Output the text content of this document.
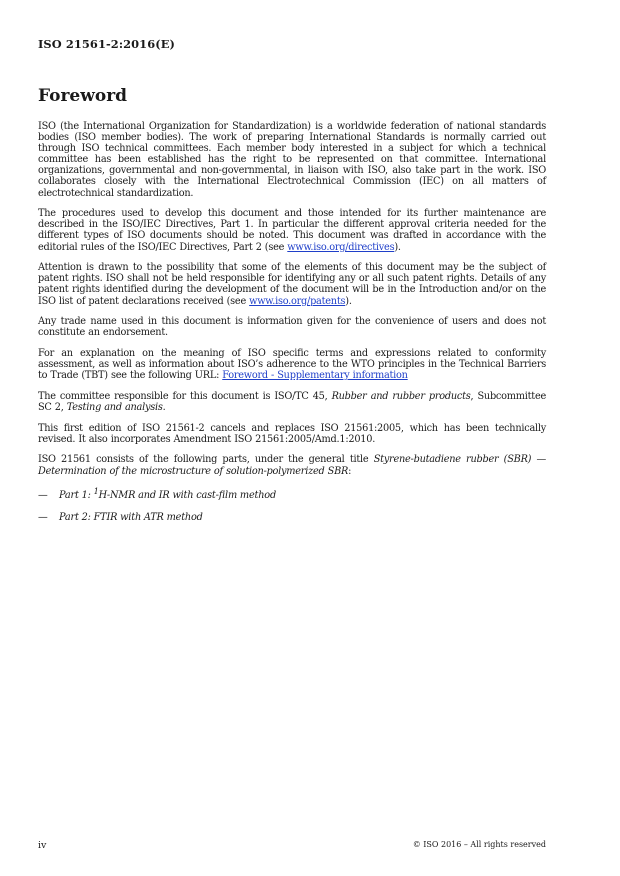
ISO 21561-2:2016(E)

Foreword

ISO (the International Organization for Standardization) is a worldwide federation of national standards bodies (ISO member bodies). The work of preparing International Standards is normally carried out through ISO technical committees. Each member body interested in a subject for which a technical committee has been established has the right to be represented on that committee. International organizations, governmental and non-governmental, in liaison with ISO, also take part in the work. ISO collaborates closely with the International Electrotechnical Commission (IEC) on all matters of electrotechnical standardization.

The procedures used to develop this document and those intended for its further maintenance are described in the ISO/IEC Directives, Part 1. In particular the different approval criteria needed for the different types of ISO documents should be noted. This document was drafted in accordance with the editorial rules of the ISO/IEC Directives, Part 2 (see www.iso.org/directives).

Attention is drawn to the possibility that some of the elements of this document may be the subject of patent rights. ISO shall not be held responsible for identifying any or all such patent rights. Details of any patent rights identified during the development of the document will be in the Introduction and/or on the ISO list of patent declarations received (see www.iso.org/patents).

Any trade name used in this document is information given for the convenience of users and does not constitute an endorsement.

For an explanation on the meaning of ISO specific terms and expressions related to conformity assessment, as well as information about ISO’s adherence to the WTO principles in the Technical Barriers to Trade (TBT) see the following URL: Foreword - Supplementary information

The committee responsible for this document is ISO/TC 45, Rubber and rubber products, Subcommittee SC 2, Testing and analysis.

This first edition of ISO 21561-2 cancels and replaces ISO 21561:2005, which has been technically revised. It also incorporates Amendment ISO 21561:2005/Amd.1:2010.

ISO 21561 consists of the following parts, under the general title Styrene-butadiene rubber (SBR) — Determination of the microstructure of solution-polymerized SBR:

— Part 1: $^1$H-NMR and IR with cast-film method
— Part 2: FTIR with ATR method

iv	© ISO 2016 – All rights reserved
